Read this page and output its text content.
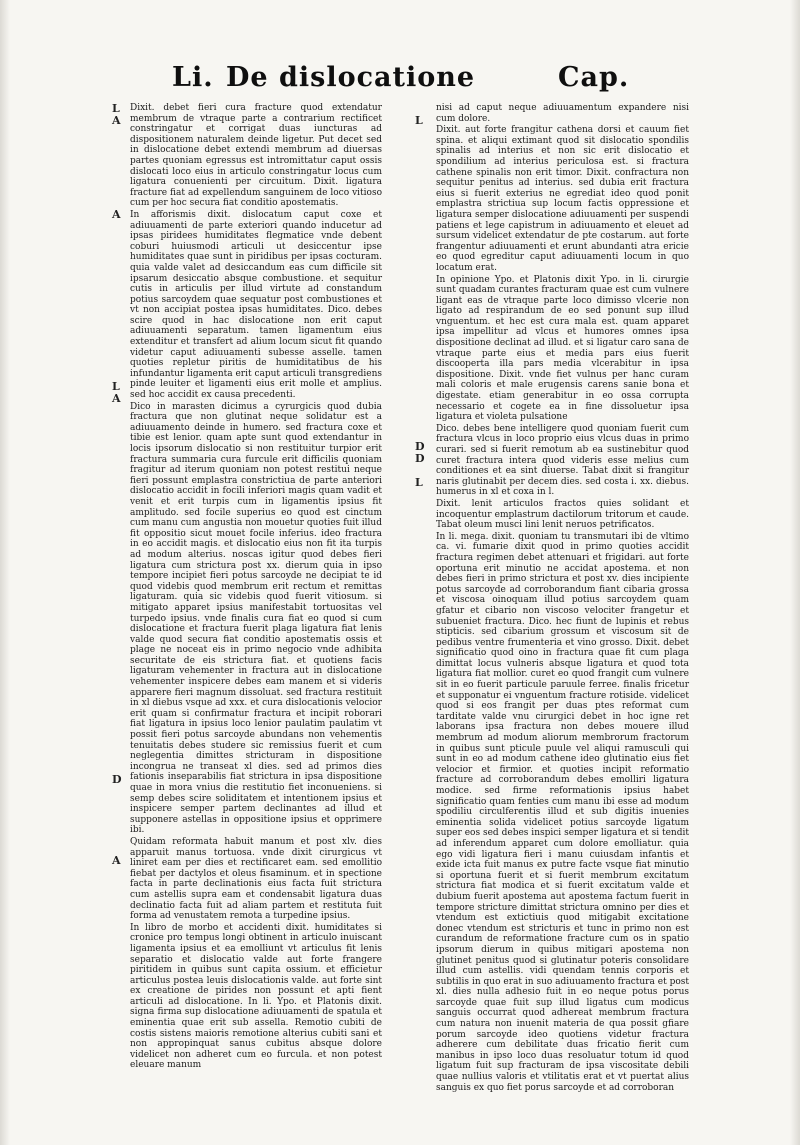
Li. De dislocatione	Cap.
L
A
A
L
A
D
A
L
D
D
L

Dixit. debet fieri cura fracture quod extendatur membrum de vtraque parte a contrarium rectificet constringatur et corrigat duas iuncturas ad dispositionem naturalem deinde ligetur. Put decet sed in dislocatione debet extendi membrum ad diuersas partes quoniam egressus est intromittatur caput ossis dislocati loco eius in articulo constringatur locus cum ligatura conuenienti per circuitum. Dixit. ligatura fracture fiat ad expellendum sanguinem de loco vitioso cum per hoc secura fiat conditio apostematis.

In afforismis dixit. dislocatum caput coxe et adiuuamenti de parte exteriori quando inducetur ad ipsas piridees humiditates flegmatice vnde debent coburi huiusmodi articuli ut desiccentur ipse humiditates quae sunt in piridibus per ipsas cocturam. quia valde valet ad desiccandum eas cum difficile sit ipsarum desiccatio absque combustione. et sequitur cutis in articulis per illud virtute ad constandum potius sarcoydem quae sequatur post combustiones et vt non accipiat postea ipsas humiditates. Dico. debes scire quod in hac dislocatione non erit caput adiuuamenti separatum. tamen ligamentum eius extenditur et transfert ad alium locum sicut fit quando videtur caput adiuuamenti subesse asselle. tamen quoties repletur piritis de humiditatibus de his infundantur ligamenta erit caput articuli transgrediens pinde leuiter et ligamenti eius erit molle et amplius. sed hoc accidit ex causa precedenti.

Dico in marasten dicimus a cyrurgicis quod dubia fractura que non glutinat neque solidatur est a adiuuamento deinde in humero. sed fractura coxe et tibie est lenior. quam apte sunt quod extendantur in locis ipsorum dislocatio si non restituitur turpior erit fractura summaria cura furcule erit difficilis quoniam fragitur ad iterum quoniam non potest restitui neque fieri possunt emplastra constrictiua de parte anteriori dislocatio accidit in focili inferiori magis quam vadit et venit et erit turpis cum in ligamentis ipsius fit amplitudo. sed focile superius eo quod est cinctum cum manu cum angustia non mouetur quoties fuit illud fit oppositio sicut mouet focile inferius. ideo fractura in eo accidit magis. et dislocatio eius non fit ita turpis ad modum alterius. noscas igitur quod debes fieri ligatura cum strictura post xx. dierum quia in ipso tempore incipiet fieri potus sarcoyde ne decipiat te id quod videbis quod membrum erit rectum et remittas ligaturam. quia sic videbis quod fuerit vitiosum. si mitigato apparet ipsius manifestabit tortuositas vel turpedo ipsius. vnde finalis cura fiat eo quod si cum dislocatione et fractura fuerit plaga ligatura fiat lenis valde quod secura fiat conditio apostematis ossis et plage ne noceat eis in primo negocio vnde adhibita securitate de eis strictura fiat. et quotiens facis ligaturam vehementer in fractura aut in dislocatione vehementer inspicere debes eam manem et si videris apparere fieri magnum dissoluat. sed fractura restituit in xl diebus vsque ad xxx. et cura dislocationis velocior erit quam si confirmatur fractura et incipit roborari fiat ligatura in ipsius loco lenior paulatim paulatim vt possit fieri potus sarcoyde abundans non vehementis tenuitatis debes studere sic remissius fuerit et cum neglegentia dimittes stricturam in dispositione incongrua ne transeat xl dies. sed ad primos dies fationis inseparabilis fiat strictura in ipsa dispositione quae in mora vnius die restitutio fiet inconueniens. si semp debes scire soliditatem et intentionem ipsius et inspicere semper partem declinantes ad illud et supponere astellas in oppositione ipsius et opprimere ibi.

Quidam reformata habuit manum et post xlv. dies apparuit manus tortuosa. vnde dixit cirurgicus vt liniret eam per dies et rectificaret eam. sed emollitio fiebat per dactylos et oleus fisaminum. et in spectione facta in parte declinationis eius facta fuit strictura cum astellis supra eam et condensabit ligatura duas declinatio facta fuit ad aliam partem et restituta fuit forma ad venustatem remota a turpedine ipsius.

In libro de morbo et accidenti dixit. humiditates si cronice pro tempus longi obtinent in articulo inuiscant ligamenta ipsius et ea emolliunt vt articulus fit lenis separatio et dislocatio valde aut forte frangere piritidem in quibus sunt capita ossium. et efficietur articulus postea leuis dislocationis valde. aut forte sint ex creatione de pirides non possunt et apti fient articuli ad dislocatione. In li. Ypo. et Platonis dixit. signa firma sup dislocatione adiuuamenti de spatula et eminentia quae erit sub assella. Remotio cubiti de costis sistens maioris remotione alterius cubiti sani et non appropinquat sanus cubitus absque dolore videlicet non adheret cum eo furcula. et non potest eleuare manum

nisi ad caput neque adiuuamentum expandere nisi cum dolore.

Dixit. aut forte frangitur cathena dorsi et cauum fiet spina. et aliqui extimant quod sit dislocatio spondilis spinalis ad interius et non sic erit dislocatio et spondilium ad interius periculosa est. si fractura cathene spinalis non erit timor. Dixit. confractura non sequitur penitus ad interius. sed dubia erit fractura eius si fuerit exterius ne egrediat ideo quod ponit emplastra strictiua sup locum factis oppressione et ligatura semper dislocatione adiuuamenti per suspendi patiens et lege capistrum in adiuuamento et eleuet ad sursum videlicet extendatur de pte costarum. aut forte frangentur adiuuamenti et erunt abundanti atra ericie eo quod egreditur caput adiuuamenti locum in quo locatum erat.

In opinione Ypo. et Platonis dixit Ypo. in li. cirurgie sunt quadam curantes fracturam quae est cum vulnere ligant eas de vtraque parte loco dimisso vlcerie non ligato ad respirandum de eo sed ponunt sup illud vnguentum. et hec est cura mala est. quam apparet ipsa impellitur ad vlcus et humores omnes ipsa dispositione declinat ad illud. et si ligatur caro sana de vtraque parte eius et media pars eius fuerit discooperta illa pars media vlcerabitur in ipsa dispositione. Dixit. vnde fiet vulnus per hanc curam mali coloris et male erugensis carens sanie bona et digestate. etiam generabitur in eo ossa corrupta necessario et cogete ea in fine dissoluetur ipsa ligatura et violeta pulsatione

Dico. debes bene intelligere quod quoniam fuerit cum fractura vlcus in loco proprio eius vlcus duas in primo curari. sed si fuerit remotum ab ea sustinebitur quod curet fractura intera quod videris esse melius cum conditiones et ea sint diuerse. Tabat dixit si frangitur naris glutinabit per decem dies. sed costa i. xx. diebus. humerus in xl et coxa in l.

Dixit. lenit articulos fractos quies solidant et incoquentur emplastrum dactilorum tritorum et caude. Tabat oleum musci lini lenit neruos petrificatos.

In li. mega. dixit. quoniam tu transmutari ibi de vltimo ca. vi. fumarie dixit quod in primo quoties accidit fractura regimen debet attenuari et frigidari. aut forte oportuna erit minutio ne accidat apostema. et non debes fieri in primo strictura et post xv. dies incipiente potus sarcoyde ad corroborandum fiant cibaria grossa et viscosa oinoquam illud potius sarcoydem quam gfatur et cibario non viscoso velociter frangetur et subueniet fractura. Dico. hec fiunt de lupinis et rebus stipticis. sed cibarium grossum et viscosum sit de pedibus ventre frumenteria et vino grosso. Dixit. debet significatio quod oino in fractura quae fit cum plaga dimittat locus vulneris absque ligatura et quod tota ligatura fiat mollior. curet eo quod frangit cum vulnere sit in eo fuerit particule paruule ferree. finalis fricetur et supponatur ei vnguentum fracture rotiside. videlicet quod si eos frangit per duas ptes reformat cum tarditate valde vnu cirurgici debet in hoc igne ret laborans ipsa fractura non debes mouere illud membrum ad modum aliorum membrorum fractorum in quibus sunt pticule puule vel aliqui ramusculi qui sunt in eo ad modum cathene ideo glutinatio eius fiet velocior et firmior. et quoties incipit reformatio fracture ad corroborandum debes emolliri ligatura modice. sed firme reformationis ipsius habet significatio quam fenties cum manu ibi esse ad modum spodiliu circulferentis illud et sub digitis inuenies eminentia solida videlicet potius sarcoyde ligatum super eos sed debes inspici semper ligatura et si tendit ad inferendum apparet cum dolore emolliatur. quia ego vidi ligatura fieri i manu cuiusdam infantis et exide icta fuit manus ex putre facte vsque fiat minutio si oportuna fuerit et si fuerit membrum excitatum strictura fiat modica et si fuerit excitatum valde et dubium fuerit apostema aut apostema factum fuerit in tempore stricture dimittat strictura omnino per dies et vtendum est extictiuis quod mitigabit excitatione donec vtendum est stricturis et tunc in primo non est curandum de reformatione fracture cum os in spatio ipsorum dierum in quibus mitigari apostema non glutinet penitus quod si glutinatur poteris consolidare illud cum astellis. vidi quendam tennis corporis et subtilis in quo erat in suo adiuuamento fractura et post xl. dies nulla adhesio fuit in eo neque potus porus sarcoyde quae fuit sup illud ligatus cum modicus sanguis occurrat quod adhereat membrum fractura cum natura non inuenit materia de qua possit gfiare porum sarcoyde ideo quotiens videtur fractura adherere cum debilitate duas fricatio fierit cum manibus in ipso loco duas resoluatur totum id quod ligatum fuit sup fracturam de ipsa viscositate debili quae nullius valoris et vtilitatis erat et vt puertat alius sanguis ex quo fiet porus sarcoyde et ad corroboran
